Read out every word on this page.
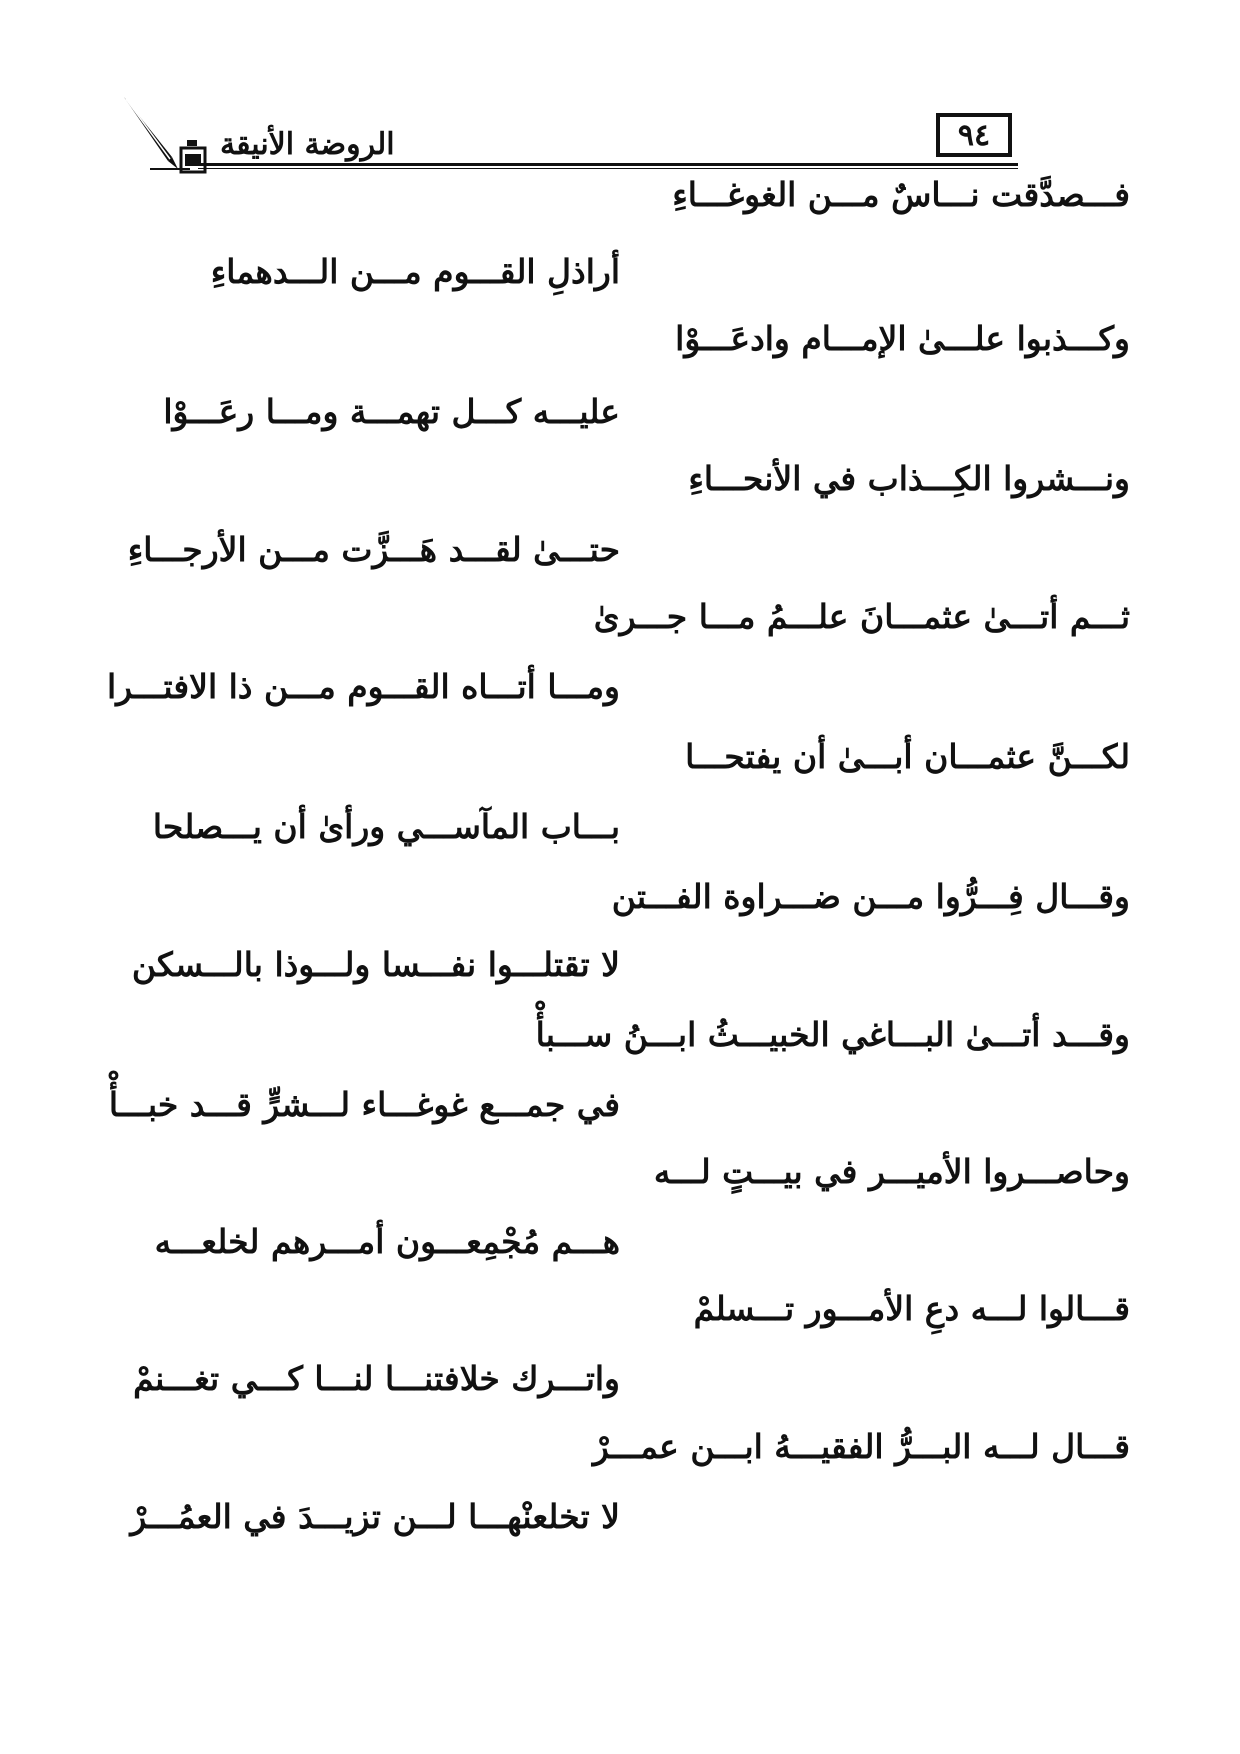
الروضة الأنيقة	٩٤
فـــصدَّقت نـــاسٌ مـــن الغوغـــاءِ
أراذلِ القـــوم مـــن الـــدهماءِ
وكـــذبوا علـــىٰ الإمـــام وادعَـــوْا
عليـــه كـــل تهمـــة ومـــا رعَـــوْا
ونـــشروا الكِـــذاب في الأنحـــاءِ
حتـــىٰ لقـــد هَـــزَّت مـــن الأرجـــاءِ
ثـــم أتـــىٰ عثمـــانَ علـــمُ مـــا جـــرىٰ
ومـــا أتـــاه القـــوم مـــن ذا الافتـــرا
لكـــنَّ عثمـــان أبـــىٰ أن يفتحـــا
بـــاب المآســـي ورأىٰ أن يـــصلحا
وقـــال فِـــرُّوا مـــن ضـــراوة الفـــتن
لا تقتلـــوا نفـــسا ولـــوذا بالـــسكن
وقـــد أتـــىٰ البـــاغي الخبيـــثُ ابـــنُ ســـبأْ
في جمـــع غوغـــاء لـــشرٍّ قـــد خبـــأْ
وحاصـــروا الأميـــر في بيـــتٍ لـــه
هـــم مُجْمِعـــون أمـــرهم لخلعـــه
قـــالوا لـــه دعِ الأمـــور تـــسلمْ
واتـــرك خلافتنـــا لنـــا كـــي تغـــنمْ
قـــال لـــه البـــرُّ الفقيـــهُ ابـــن عمـــرْ
لا تخلعنْهـــا لـــن تزيـــدَ في العمُـــرْ
